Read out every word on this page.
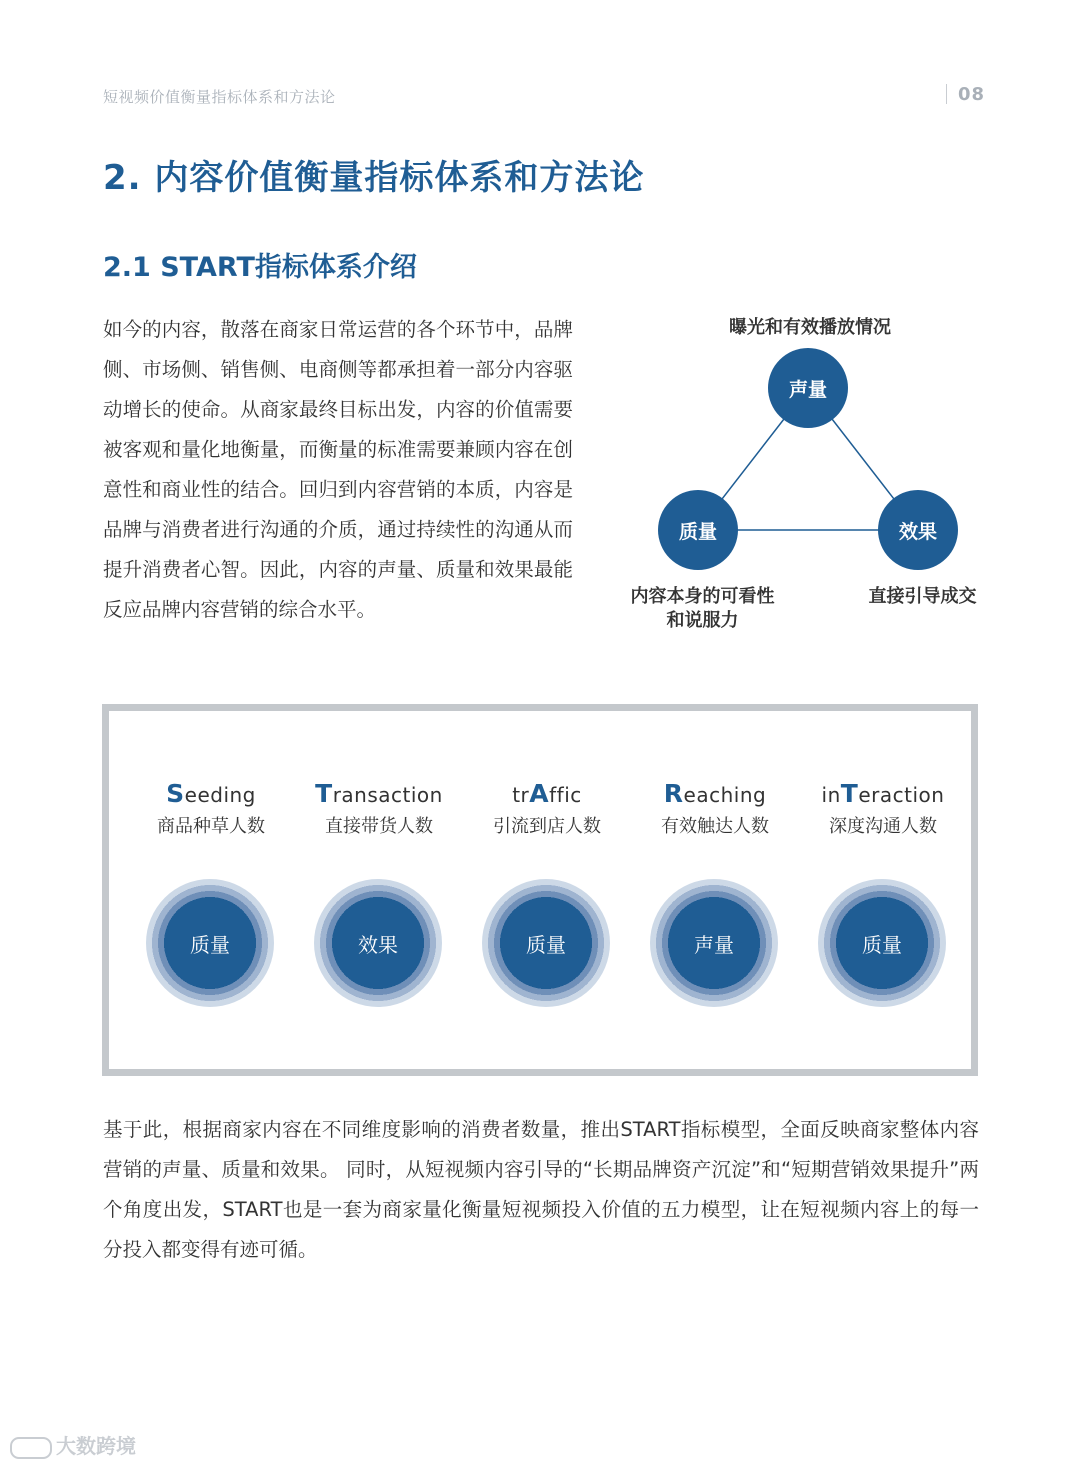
短视频价值衡量指标体系和方法论	08
2. 内容价值衡量指标体系和方法论
2.1 START指标体系介绍
如今的内容，散落在商家日常运营的各个环节中，品牌侧、市场侧、销售侧、电商侧等都承担着一部分内容驱动增长的使命。从商家最终目标出发，内容的价值需要被客观和量化地衡量，而衡量的标准需要兼顾内容在创意性和商业性的结合。回归到内容营销的本质，内容是品牌与消费者进行沟通的介质，通过持续性的沟通从而提升消费者心智。因此，内容的声量、质量和效果最能反应品牌内容营销的综合水平。
曝光和有效播放情况
声量
质量	效果
内容本身的可看性
和说服力
直接引导成交
Seeding
商品种草人数
质量
Transaction
直接带货人数
效果
trAffic
引流到店人数
质量
Reaching
有效触达人数
声量
inTeraction
深度沟通人数
质量
基于此，根据商家内容在不同维度影响的消费者数量，推出START指标模型，全面反映商家整体内容营销的声量、质量和效果。 同时，从短视频内容引导的“长期品牌资产沉淀”和“短期营销效果提升”两个角度出发，START也是一套为商家量化衡量短视频投入价值的五力模型，让在短视频内容上的每一分投入都变得有迹可循。
大数跨境
